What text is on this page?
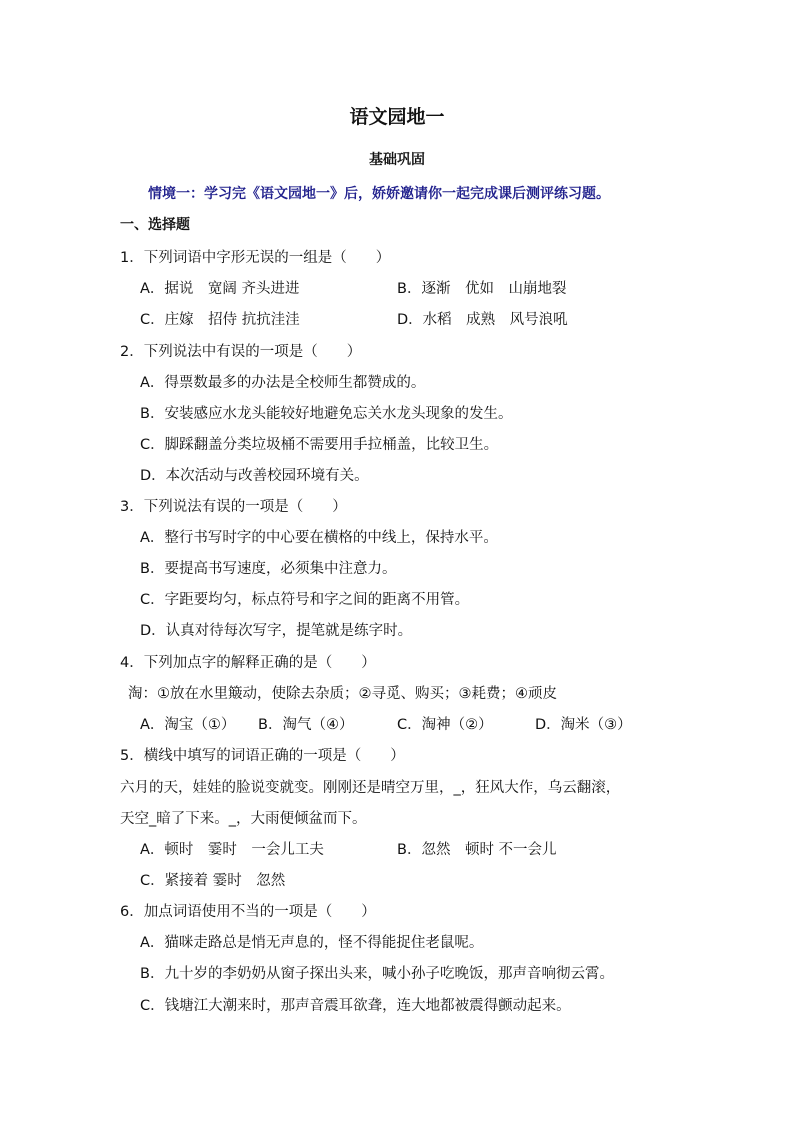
语文园地一
基础巩固
情境一：学习完《语文园地一》后，娇娇邀请你一起完成课后测评练习题。
一、选择题
1．下列词语中字形无误的一组是（　　）
A．据说　宽阔 齐头进进	B．逐渐　优如　山崩地裂
C．庄嫁　招侍 抗抗洼洼	D．水稻　成熟　风号浪吼
2．下列说法中有误的一项是（　　）
A．得票数最多的办法是全校师生都赞成的。
B．安装感应水龙头能较好地避免忘关水龙头现象的发生。
C．脚踩翻盖分类垃圾桶不需要用手拉桶盖，比较卫生。
D．本次活动与改善校园环境有关。
3．下列说法有误的一项是（　　）
A．整行书写时字的中心要在横格的中线上，保持水平。
B．要提高书写速度，必须集中注意力。
C．字距要均匀，标点符号和字之间的距离不用管。
D．认真对待每次写字，提笔就是练字时。
4．下列加点字的解释正确的是（　　）
淘：①放在水里簸动，使除去杂质；②寻觅、购买；③耗费；④顽皮
A．淘宝（①） B．淘气（④）	C．淘神（②）	D．淘米（③）
5．横线中填写的词语正确的一项是（　　）
六月的天，娃娃的脸说变就变。刚刚还是晴空万里，_，狂风大作，乌云翻滚，
天空_暗了下来。_，大雨便倾盆而下。
A．顿时　霎时　一会儿工夫	B．忽然　顿时 不一会儿
C．紧接着 霎时　忽然
6．加点词语使用不当的一项是（　　）
A．猫咪走路总是悄无声息的，怪不得能捉住老鼠呢。
B．九十岁的李奶奶从窗子探出头来，喊小孙子吃晚饭，那声音响彻云霄。
C．钱塘江大潮来时，那声音震耳欲聋，连大地都被震得颤动起来。
